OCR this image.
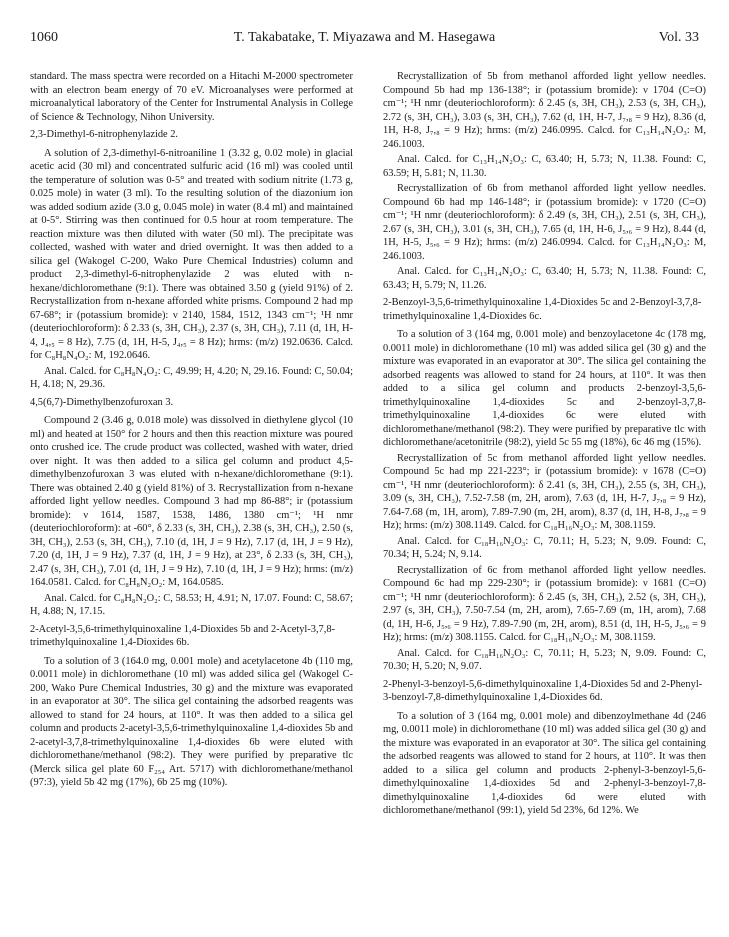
1060	T. Takabatake, T. Miyazawa and M. Hasegawa	Vol. 33

standard. The mass spectra were recorded on a Hitachi M-2000 spectrometer with an electron beam energy of 70 eV. Microanalyses were performed at microanalytical laboratory of the Center for Instrumental Analysis in College of Science & Technology, Nihon University.

2,3-Dimethyl-6-nitrophenylazide 2.

A solution of 2,3-dimethyl-6-nitroaniline 1 (3.32 g, 0.02 mole) in glacial acetic acid (30 ml) and concentrated sulfuric acid (16 ml) was cooled until the temperature of solution was 0-5° and treated with sodium nitrite (1.73 g, 0.025 mole) in water (3 ml). To the resulting solution of the diazonium ion was added sodium azide (3.0 g, 0.045 mole) in water (8.4 ml) and maintained at 0-5°. Stirring was then continued for 0.5 hour at room temperature. The reaction mixture was then diluted with water (50 ml). The precipitate was collected, washed with water and dried overnight. It was then added to a silica gel (Wakogel C-200, Wako Pure Chemical Industries) column and product 2,3-dimethyl-6-nitrophenylazide 2 was eluted with n-hexane/dichloromethane (9:1). There was obtained 3.50 g (yield 91%) of 2. Recrystallization from n-hexane afforded white prisms. Compound 2 had mp 67-68°; ir (potassium bromide): ν 2140, 1584, 1512, 1343 cm⁻¹; ¹H nmr (deuteriochloroform): δ 2.33 (s, 3H, CH₃), 2.37 (s, 3H, CH₃), 7.11 (d, 1H, H-4, J₄,₅ = 8 Hz), 7.75 (d, 1H, H-5, J₄,₅ = 8 Hz); hrms: (m/z) 192.0636. Calcd. for C₈H₈N₄O₂: M, 192.0646.

Anal. Calcd. for C₈H₈N₄O₂: C, 49.99; H, 4.20; N, 29.16. Found: C, 50.04; H, 4.18; N, 29.36.

4,5(6,7)-Dimethylbenzofuroxan 3.

Compound 2 (3.46 g, 0.018 mole) was dissolved in diethylene glycol (10 ml) and heated at 150° for 2 hours and then this reaction mixture was poured onto crushed ice. The crude product was collected, washed with water, dried over night. It was then added to a silica gel column and product 4,5-dimethylbenzofuroxan 3 was eluted with n-hexane/dichloromethane (9:1). There was obtained 2.40 g (yield 81%) of 3. Recrystallization from n-hexane afforded light yellow needles. Compound 3 had mp 86-88°; ir (potassium bromide): ν 1614, 1587, 1538, 1486, 1380 cm⁻¹; ¹H nmr (deuteriochloroform): at -60°, δ 2.33 (s, 3H, CH₃), 2.38 (s, 3H, CH₃), 2.50 (s, 3H, CH₃), 2.53 (s, 3H, CH₃), 7.10 (d, 1H, J = 9 Hz), 7.17 (d, 1H, J = 9 Hz), 7.20 (d, 1H, J = 9 Hz), 7.37 (d, 1H, J = 9 Hz), at 23°, δ 2.33 (s, 3H, CH₃), 2.47 (s, 3H, CH₃), 7.01 (d, 1H, J = 9 Hz), 7.10 (d, 1H, J = 9 Hz); hrms: (m/z) 164.0581. Calcd. for C₈H₈N₂O₂: M, 164.0585.

Anal. Calcd. for C₈H₈N₂O₂: C, 58.53; H, 4.91; N, 17.07. Found: C, 58.67; H, 4.88; N, 17.15.

2-Acetyl-3,5,6-trimethylquinoxaline 1,4-Dioxides 5b and 2-Acetyl-3,7,8-trimethylquinoxaline 1,4-Dioxides 6b.

To a solution of 3 (164.0 mg, 0.001 mole) and acetylacetone 4b (110 mg, 0.0011 mole) in dichloromethane (10 ml) was added silica gel (Wakogel C-200, Wako Pure Chemical Industries, 30 g) and the mixture was evaporated in an evaporator at 30°. The silica gel containing the adsorbed reagents was allowed to stand for 24 hours, at 110°. It was then added to a silica gel column and products 2-acetyl-3,5,6-trimethylquinoxaline 1,4-dioxides 5b and 2-acetyl-3,7,8-trimethylquinoxaline 1,4-dioxides 6b were eluted with dichloromethane/methanol (98:2). They were purified by preparative tlc (Merck silica gel plate 60 F₂₅₄ Art. 5717) with dichloromethane/methanol (97:3), yield 5b 42 mg (17%), 6b 25 mg (10%).

Recrystallization of 5b from methanol afforded light yellow needles. Compound 5b had mp 136-138°; ir (potassium bromide): ν 1704 (C=O) cm⁻¹; ¹H nmr (deuteriochloroform): δ 2.45 (s, 3H, CH₃), 2.53 (s, 3H, CH₃), 2.72 (s, 3H, CH₃), 3.03 (s, 3H, CH₃), 7.62 (d, 1H, H-7, J₇,₈ = 9 Hz), 8.36 (d, 1H, H-8, J₇,₈ = 9 Hz); hrms: (m/z) 246.0995. Calcd. for C₁₃H₁₄N₂O₃: M, 246.1003.

Anal. Calcd. for C₁₃H₁₄N₂O₃: C, 63.40; H, 5.73; N, 11.38. Found: C, 63.59; H, 5.81; N, 11.30.

Recrystallization of 6b from methanol afforded light yellow needles. Compound 6b had mp 146-148°; ir (potassium bromide): ν 1720 (C=O) cm⁻¹; ¹H nmr (deuteriochloroform): δ 2.49 (s, 3H, CH₃), 2.51 (s, 3H, CH₃), 2.67 (s, 3H, CH₃), 3.01 (s, 3H, CH₃), 7.65 (d, 1H, H-6, J₅,₆ = 9 Hz), 8.44 (d, 1H, H-5, J₅,₆ = 9 Hz); hrms: (m/z) 246.0994. Calcd. for C₁₃H₁₄N₂O₃: M, 246.1003.

Anal. Calcd. for C₁₃H₁₄N₂O₃: C, 63.40; H, 5.73; N, 11.38. Found: C, 63.43; H, 5.79; N, 11.26.

2-Benzoyl-3,5,6-trimethylquinoxaline 1,4-Dioxides 5c and 2-Benzoyl-3,7,8-trimethylquinoxaline 1,4-Dioxides 6c.

To a solution of 3 (164 mg, 0.001 mole) and benzoylacetone 4c (178 mg, 0.0011 mole) in dichloromethane (10 ml) was added silica gel (30 g) and the mixture was evaporated in an evaporator at 30°. The silica gel containing the adsorbed reagents was allowed to stand for 24 hours, at 110°. It was then added to a silica gel column and products 2-benzoyl-3,5,6-trimethylquinoxaline 1,4-dioxides 5c and 2-benzoyl-3,7,8-trimethylquinoxaline 1,4-dioxides 6c were eluted with dichloromethane/methanol (98:2). They were purified by preparative tlc with dichloromethane/acetonitrile (98:2), yield 5c 55 mg (18%), 6c 46 mg (15%).

Recrystallization of 5c from methanol afforded light yellow needles. Compound 5c had mp 221-223°; ir (potassium bromide): ν 1678 (C=O) cm⁻¹, ¹H nmr (deuteriochloroform): δ 2.41 (s, 3H, CH₃), 2.55 (s, 3H, CH₃), 3.09 (s, 3H, CH₃), 7.52-7.58 (m, 2H, arom), 7.63 (d, 1H, H-7, J₇,₈ = 9 Hz), 7.64-7.68 (m, 1H, arom), 7.89-7.90 (m, 2H, arom), 8.37 (d, 1H, H-8, J₇,₈ = 9 Hz); hrms: (m/z) 308.1149. Calcd. for C₁₈H₁₆N₂O₃: M, 308.1159.

Anal. Calcd. for C₁₈H₁₆N₂O₃: C, 70.11; H, 5.23; N, 9.09. Found: C, 70.34; H, 5.24; N, 9.14.

Recrystallization of 6c from methanol afforded light yellow needles. Compound 6c had mp 229-230°; ir (potassium bromide): ν 1681 (C=O) cm⁻¹; ¹H nmr (deuteriochloroform): δ 2.45 (s, 3H, CH₃), 2.52 (s, 3H, CH₃), 2.97 (s, 3H, CH₃), 7.50-7.54 (m, 2H, arom), 7.65-7.69 (m, 1H, arom), 7.68 (d, 1H, H-6, J₅,₆ = 9 Hz), 7.89-7.90 (m, 2H, arom), 8.51 (d, 1H, H-5, J₅,₆ = 9 Hz); hrms: (m/z) 308.1155. Calcd. for C₁₈H₁₆N₂O₃: M, 308.1159.

Anal. Calcd. for C₁₈H₁₆N₂O₃: C, 70.11; H, 5.23; N, 9.09. Found: C, 70.30; H, 5.20; N, 9.07.

2-Phenyl-3-benzoyl-5,6-dimethylquinoxaline 1,4-Dioxides 5d and 2-Phenyl-3-benzoyl-7,8-dimethylquinoxaline 1,4-Dioxides 6d.

To a solution of 3 (164 mg, 0.001 mole) and dibenzoylmethane 4d (246 mg, 0.0011 mole) in dichloromethane (10 ml) was added silica gel (30 g) and the mixture was evaporated in an evaporator at 30°. The silica gel containing the adsorbed reagents was allowed to stand for 2 hours, at 110°. It was then added to a silica gel column and products 2-phenyl-3-benzoyl-5,6-dimethylquinoxaline 1,4-dioxides 5d and 2-phenyl-3-benzoyl-7,8-dimethylquinoxaline 1,4-dioxides 6d were eluted with dichloromethane/methanol (99:1), yield 5d 23%, 6d 12%. We
